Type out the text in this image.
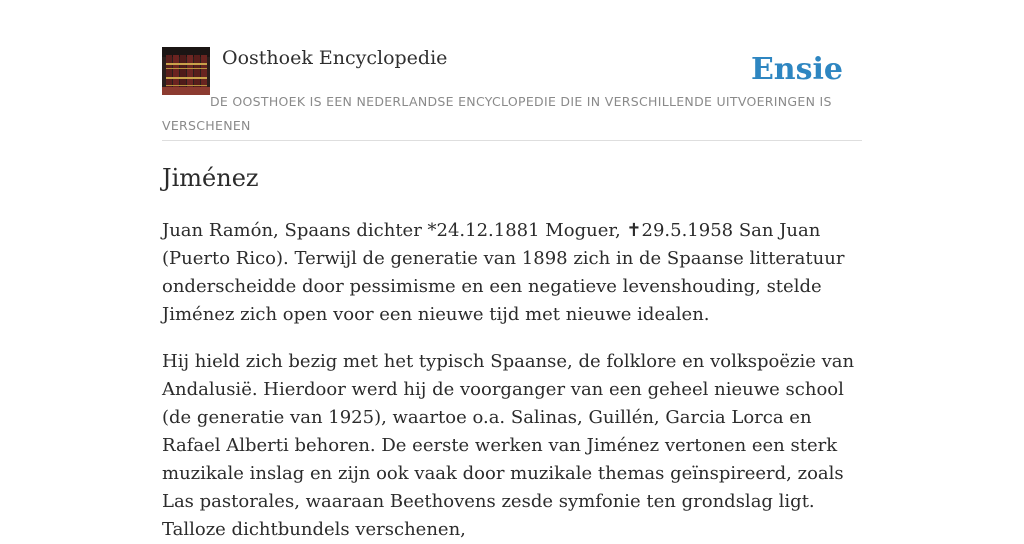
Oosthoek Encyclopedie	Ensie
DE OOSTHOEK IS EEN NEDERLANDSE ENCYCLOPEDIE DIE IN VERSCHILLENDE UITVOERINGEN IS VERSCHENEN
Jiménez

Juan Ramón, Spaans dichter *24.12.1881 Moguer, ✝29.5.1958 San Juan (Puerto Rico). Terwijl de generatie van 1898 zich in de Spaanse litteratuur onderscheidde door pessimisme en een negatieve levenshouding, stelde Jiménez zich open voor een nieuwe tijd met nieuwe idealen.

Hij hield zich bezig met het typisch Spaanse, de folklore en volkspoëzie van Andalusië. Hierdoor werd hij de voorganger van een geheel nieuwe school (de generatie van 1925), waartoe o.a. Salinas, Guillén, Garcia Lorca en Rafael Alberti behoren. De eerste werken van Jiménez vertonen een sterk muzikale inslag en zijn ook vaak door muzikale themas geïnspireerd, zoals Las pastorales, waaraan Beethovens zesde symfonie ten grondslag ligt. Talloze dichtbundels verschenen,
